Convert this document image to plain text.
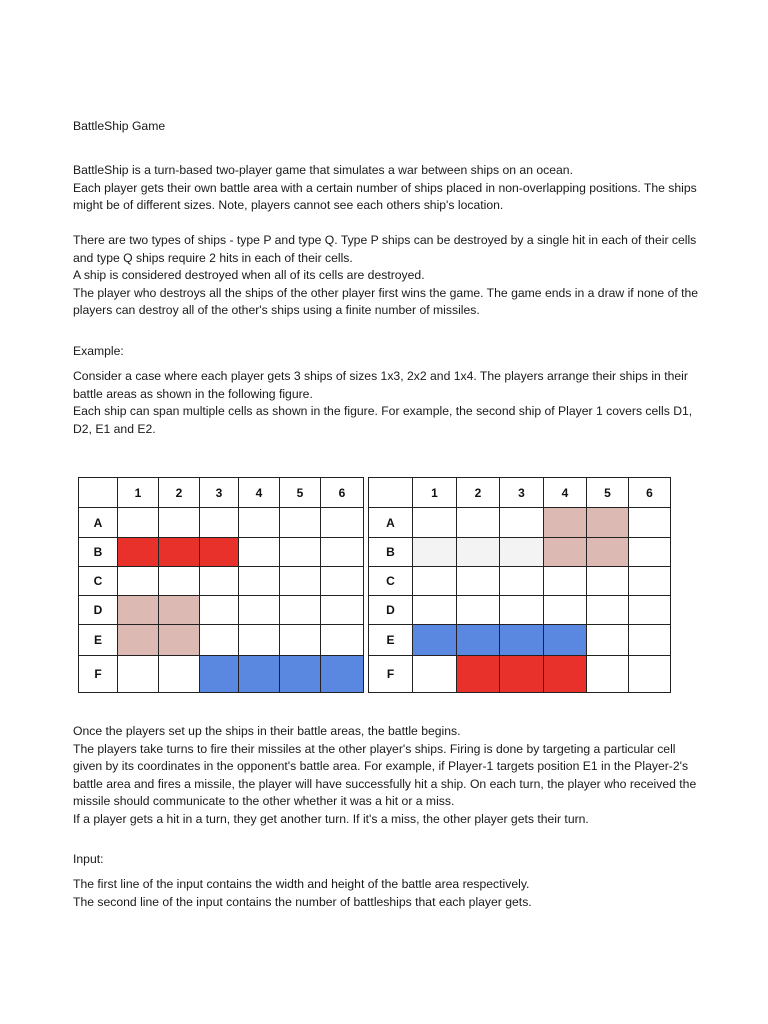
BattleShip Game

BattleShip is a turn-based two-player game that simulates a war between ships on an ocean.

Each player gets their own battle area with a certain number of ships placed in non-overlapping positions. The ships

might be of different sizes. Note, players cannot see each others ship's location.

There are two types of ships - type P and type Q. Type P ships can be destroyed by a single hit in each of their cells

and type Q ships require 2 hits in each of their cells.

A ship is considered destroyed when all of its cells are destroyed.

The player who destroys all the ships of the other player first wins the game. The game ends in a draw if none of the

players can destroy all of the other's ships using a finite number of missiles.

Example:

Consider a case where each player gets 3 ships of sizes 1x3, 2x2 and 1x4. The players arrange their ships in their

battle areas as shown in the following figure.

Each ship can span multiple cells as shown in the figure. For example, the second ship of Player 1 covers cells D1,

D2, E1 and E2.

	1	2	3	4	5	6
A						
B						
C						
D						
E						
F						
	1	2	3	4	5	6
A						
B						
C						
D						
E						
F						

Once the players set up the ships in their battle areas, the battle begins.

The players take turns to fire their missiles at the other player's ships. Firing is done by targeting a particular cell

given by its coordinates in the opponent's battle area. For example, if Player-1 targets position E1 in the Player-2's

battle area and fires a missile, the player will have successfully hit a ship. On each turn, the player who received the

missile should communicate to the other whether it was a hit or a miss.

If a player gets a hit in a turn, they get another turn. If it's a miss, the other player gets their turn.

Input:

The first line of the input contains the width and height of the battle area respectively.

The second line of the input contains the number of battleships that each player gets.
